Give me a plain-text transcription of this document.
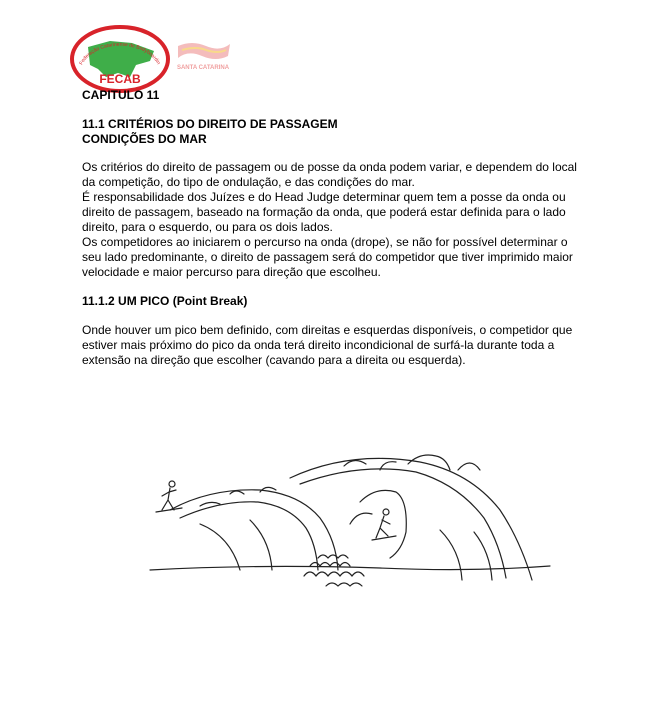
Federação Catarinense de Bodyboardin
FECAB
SANTA CATARINA
CAPITULO 11
11.1 CRITÉRIOS DO DIREITO DE PASSAGEM
CONDIÇÕES DO MAR

Os critérios do direito de passagem ou de posse da onda podem variar, e dependem do local da competição, do tipo de ondulação, e das condições do mar.

É responsabilidade dos Juízes e do Head Judge determinar quem tem a posse da onda ou direito de passagem, baseado na formação da onda, que poderá estar definida para o lado direito, para o esquerdo, ou para os dois lados.

Os competidores ao iniciarem o percurso na onda (drope), se não for possível determinar o seu lado predominante, o direito de passagem será do competidor que tiver imprimido maior velocidade e maior percurso para direção que escolheu.

11.1.2 UM PICO (Point Break)

Onde houver um pico bem definido, com direitas e esquerdas disponíveis, o competidor que estiver mais próximo do pico da onda terá direito incondicional de surfá-la durante toda a extensão na direção que escolher (cavando para a direita ou esquerda).
